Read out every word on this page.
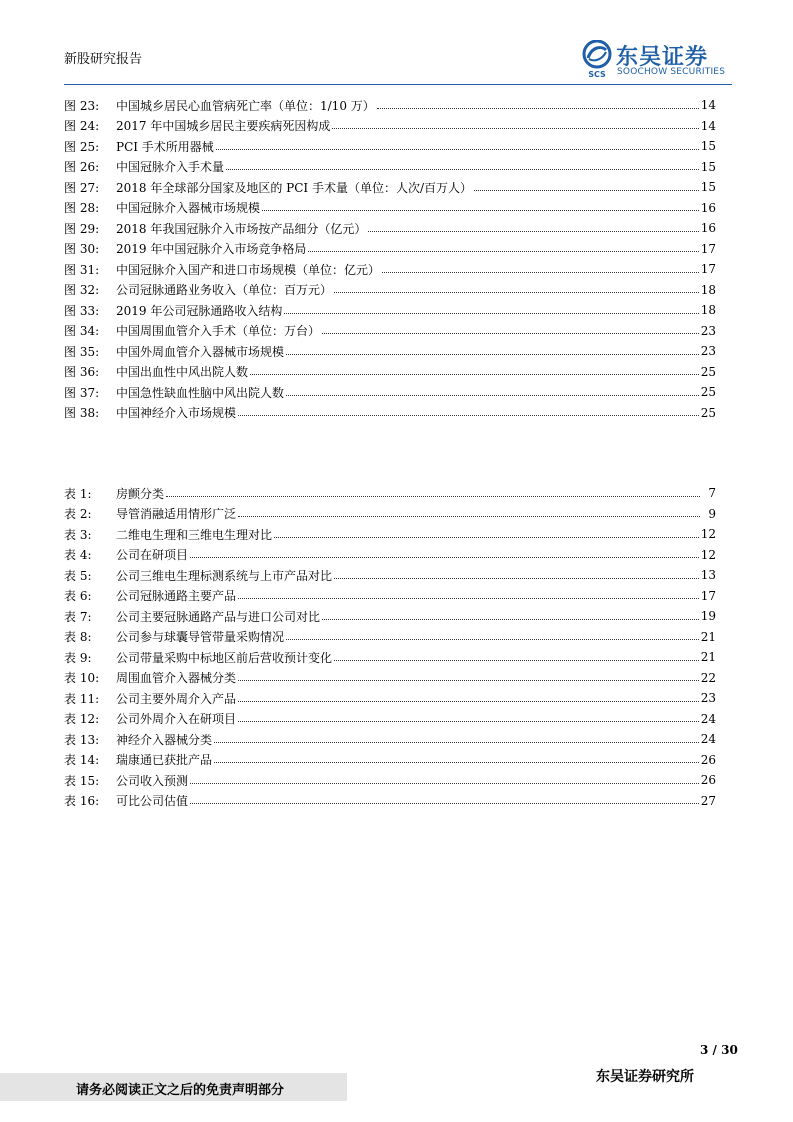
新股研究报告
SCS
东吴证券
SOOCHOW SECURITIES
图 23:	中国城乡居民心血管病死亡率（单位：1/10 万）	14
图 24:	2017 年中国城乡居民主要疾病死因构成	14
图 25:	PCI 手术所用器械	15
图 26:	中国冠脉介入手术量	15
图 27:	2018 年全球部分国家及地区的 PCI 手术量（单位：人次/百万人）	15
图 28:	中国冠脉介入器械市场规模	16
图 29:	2018 年我国冠脉介入市场按产品细分（亿元）	16
图 30:	2019 年中国冠脉介入市场竞争格局	17
图 31:	中国冠脉介入国产和进口市场规模（单位：亿元）	17
图 32:	公司冠脉通路业务收入（单位：百万元）	18
图 33:	2019 年公司冠脉通路收入结构	18
图 34:	中国周围血管介入手术（单位：万台）	23
图 35:	中国外周血管介入器械市场规模	23
图 36:	中国出血性中风出院人数	25
图 37:	中国急性缺血性脑中风出院人数	25
图 38:	中国神经介入市场规模	25
表 1:	房颤分类	7
表 2:	导管消融适用情形广泛	9
表 3:	二维电生理和三维电生理对比	12
表 4:	公司在研项目	12
表 5:	公司三维电生理标测系统与上市产品对比	13
表 6:	公司冠脉通路主要产品	17
表 7:	公司主要冠脉通路产品与进口公司对比	19
表 8:	公司参与球囊导管带量采购情况	21
表 9:	公司带量采购中标地区前后营收预计变化	21
表 10:	周围血管介入器械分类	22
表 11:	公司主要外周介入产品	23
表 12:	公司外周介入在研项目	24
表 13:	神经介入器械分类	24
表 14:	瑞康通已获批产品	26
表 15:	公司收入预测	26
表 16:	可比公司估值	27
3 / 30
请务必阅读正文之后的免责声明部分
东吴证券研究所
